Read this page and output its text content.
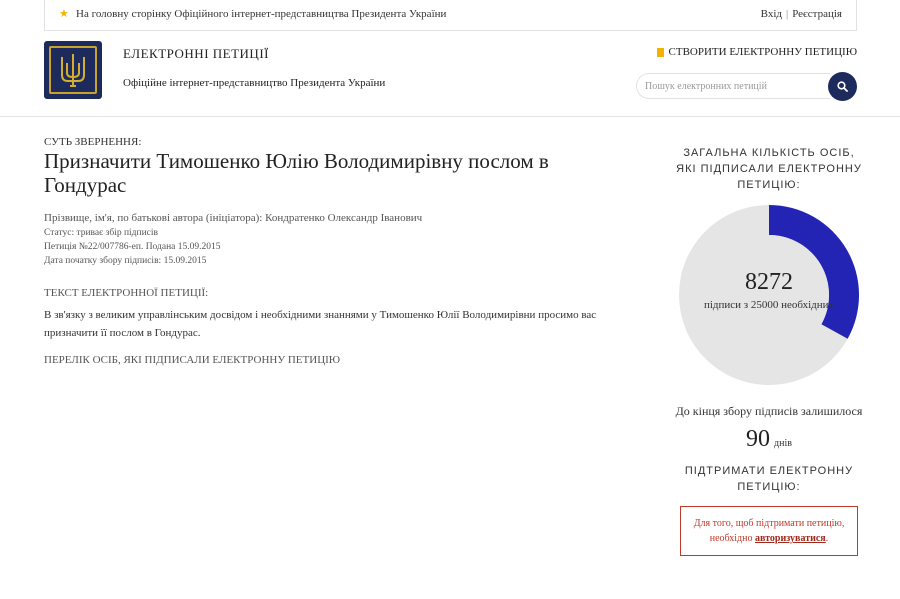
★ На головну сторінку Офіційного інтернет-представництва Президента України	Вхід | Реєстрація
ЕЛЕКТРОННІ ПЕТИЦІЇ
Офіційне інтернет-представництво Президента України
СТВОРИТИ ЕЛЕКТРОННУ ПЕТИЦІЮ
Пошук електронних петицій
СУТЬ ЗВЕРНЕННЯ:
Призначити Тимошенко Юлію Володимирівну послом в Гондурас
Прізвище, ім'я, по батькові автора (ініціатора): Кондратенко Олександр Іванович
Статус: триває збір підписів
Петиція №22/007786-еп. Подана 15.09.2015
Дата початку збору підписів: 15.09.2015
ТЕКСТ ЕЛЕКТРОННОЇ ПЕТИЦІЇ:
В зв'язку з великим управлінським досвідом і необхідними знаннями у Тимошенко Юлії Володимирівни просимо вас призначити її послом в Гондурас.
ПЕРЕЛІК ОСІБ, ЯКІ ПІДПИСАЛИ ЕЛЕКТРОННУ ПЕТИЦІЮ
ЗАГАЛЬНА КІЛЬКІСТЬ ОСІБ, ЯКІ ПІДПИСАЛИ ЕЛЕКТРОННУ ПЕТИЦІЮ:
8272
підписи з 25000 необхідних
До кінця збору підписів залишилося
90 днів
ПІДТРИМАТИ ЕЛЕКТРОННУ ПЕТИЦІЮ:
Для того, щоб підтримати петицію, необхідно авторизуватися.
